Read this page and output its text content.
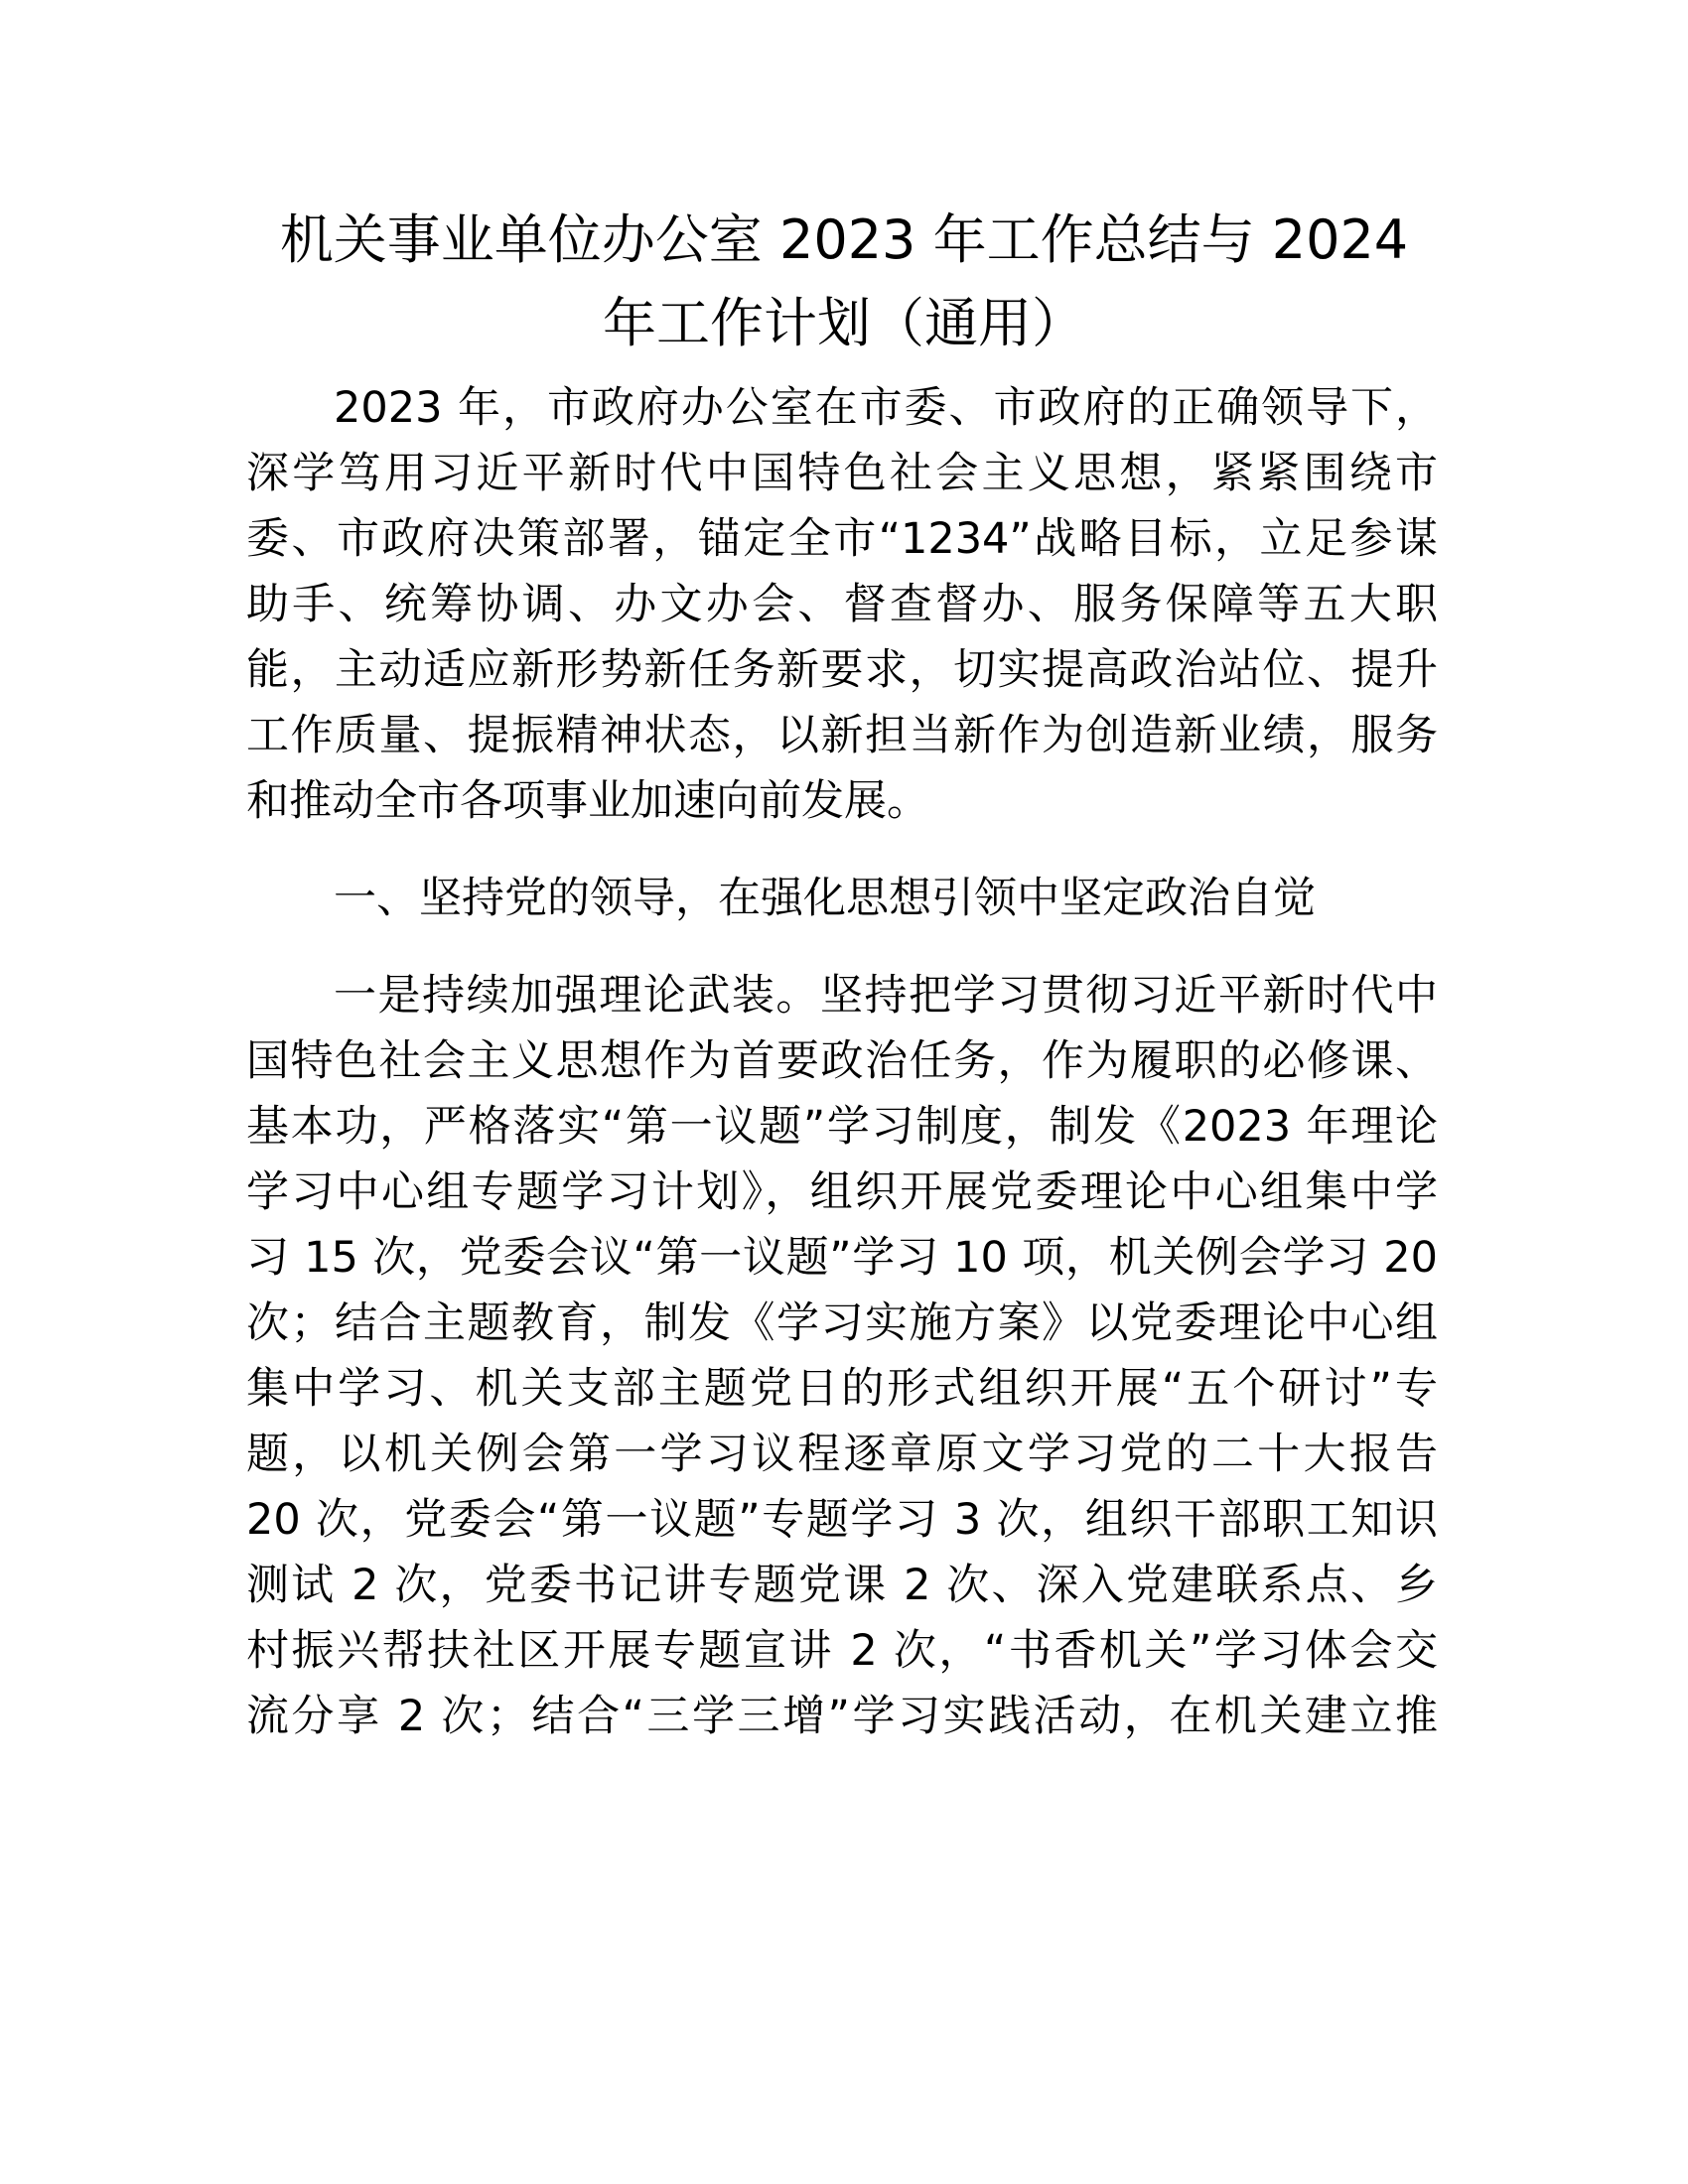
机关事业单位办公室 2023 年工作总结与 2024
年工作计划（通用）

2023 年，市政府办公室在市委、市政府的正确领导下，
深学笃用习近平新时代中国特色社会主义思想，紧紧围绕市
委、市政府决策部署，锚定全市“1234”战略目标，立足参谋
助手、统筹协调、办文办会、督查督办、服务保障等五大职
能，主动适应新形势新任务新要求，切实提高政治站位、提升
工作质量、提振精神状态，以新担当新作为创造新业绩，服务
和推动全市各项事业加速向前发展。

一、坚持党的领导，在强化思想引领中坚定政治自觉

一是持续加强理论武装。坚持把学习贯彻习近平新时代中
国特色社会主义思想作为首要政治任务，作为履职的必修课、
基本功，严格落实“第一议题”学习制度，制发《2023 年理论
学习中心组专题学习计划》，组织开展党委理论中心组集中学
习 15 次，党委会议“第一议题”学习 10 项，机关例会学习 20
次；结合主题教育，制发《学习实施方案》以党委理论中心组
集中学习、机关支部主题党日的形式组织开展“五个研讨”专
题，以机关例会第一学习议程逐章原文学习党的二十大报告
20 次，党委会“第一议题”专题学习 3 次，组织干部职工知识
测试 2 次，党委书记讲专题党课 2 次、深入党建联系点、乡
村振兴帮扶社区开展专题宣讲 2 次，“书香机关”学习体会交
流分享 2 次；结合“三学三增”学习实践活动，在机关建立推
